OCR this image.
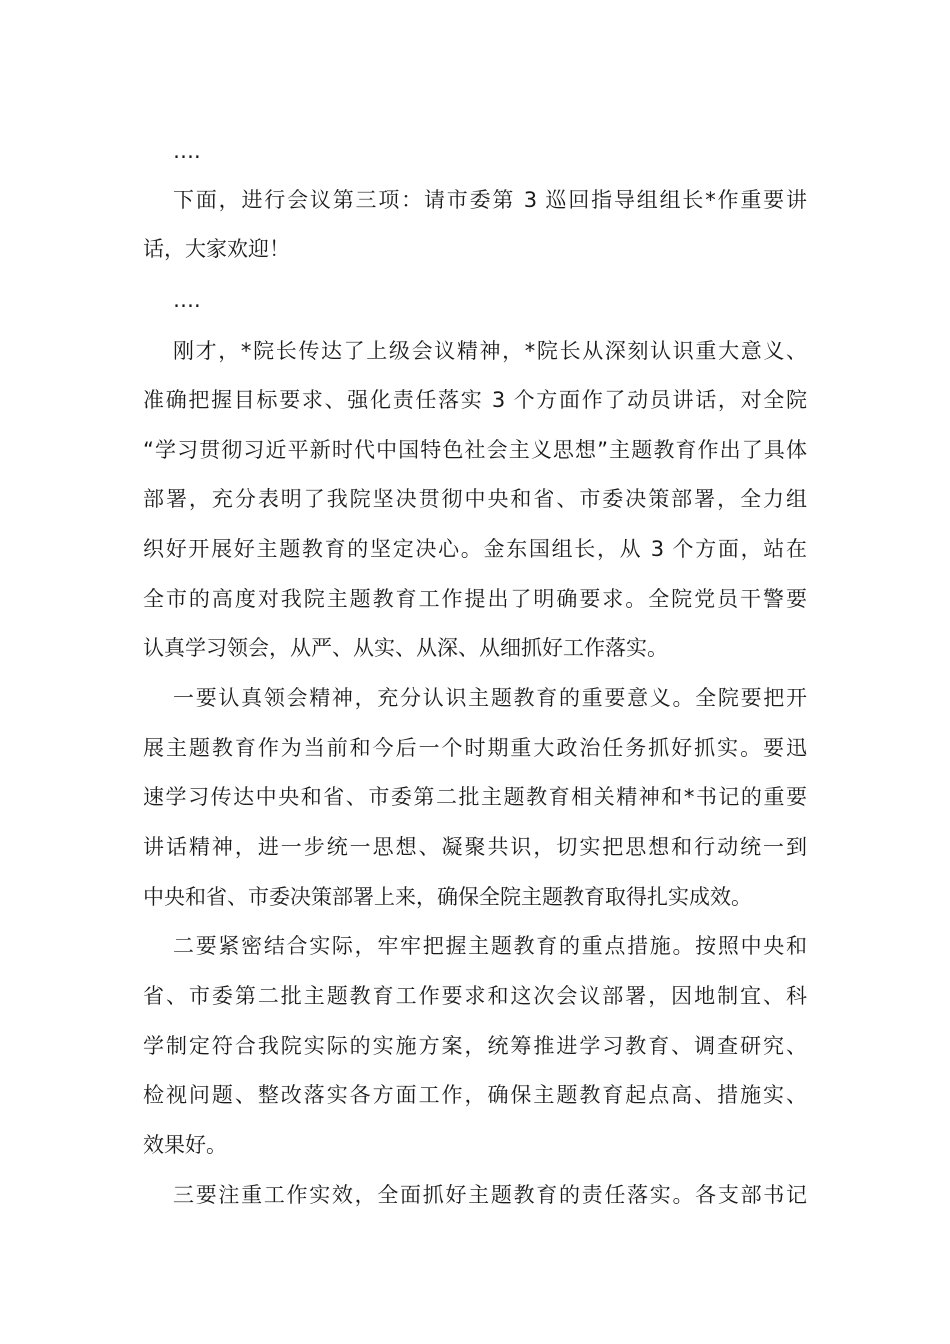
….
下面，进行会议第三项：请市委第 3 巡回指导组组长*作重要讲
话，大家欢迎！
….
刚才，*院长传达了上级会议精神，*院长从深刻认识重大意义、
准确把握目标要求、强化责任落实 3 个方面作了动员讲话，对全院
“学习贯彻习近平新时代中国特色社会主义思想”主题教育作出了具体
部署，充分表明了我院坚决贯彻中央和省、市委决策部署，全力组
织好开展好主题教育的坚定决心。金东国组长，从 3 个方面，站在
全市的高度对我院主题教育工作提出了明确要求。全院党员干警要
认真学习领会，从严、从实、从深、从细抓好工作落实。
一要认真领会精神，充分认识主题教育的重要意义。全院要把开
展主题教育作为当前和今后一个时期重大政治任务抓好抓实。要迅
速学习传达中央和省、市委第二批主题教育相关精神和*书记的重要
讲话精神，进一步统一思想、凝聚共识，切实把思想和行动统一到
中央和省、市委决策部署上来，确保全院主题教育取得扎实成效。
二要紧密结合实际，牢牢把握主题教育的重点措施。按照中央和
省、市委第二批主题教育工作要求和这次会议部署，因地制宜、科
学制定符合我院实际的实施方案，统筹推进学习教育、调查研究、
检视问题、整改落实各方面工作，确保主题教育起点高、措施实、
效果好。
三要注重工作实效，全面抓好主题教育的责任落实。各支部书记
